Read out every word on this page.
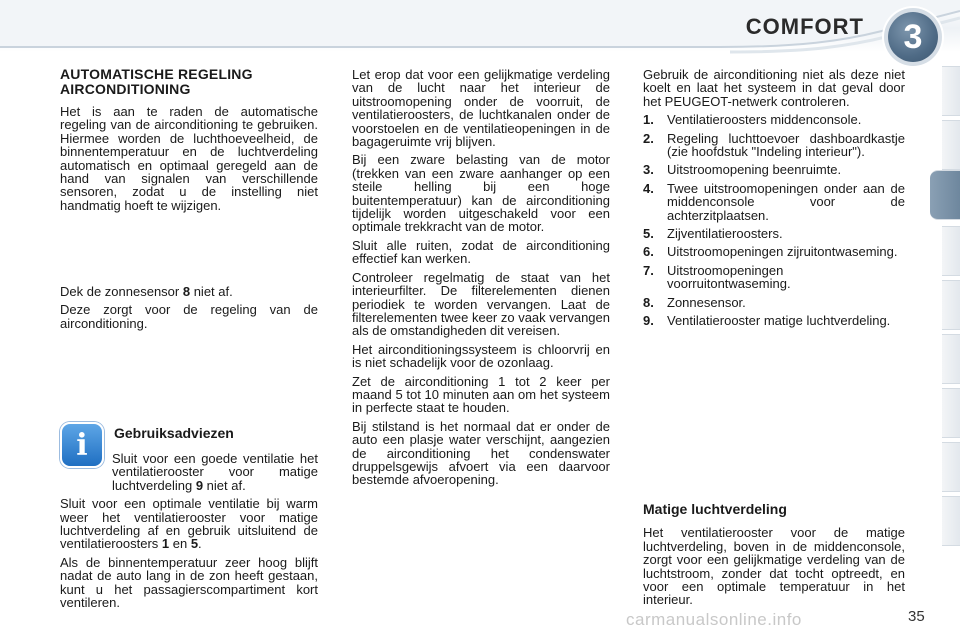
COMFORT	3
AUTOMATISCHE REGELING AIRCONDITIONING

Het is aan te raden de automatische regeling van de airconditioning te gebruiken. Hiermee worden de luchthoeveelheid, de binnentemperatuur en de luchtverdeling automatisch en optimaal geregeld aan de hand van signalen van verschillende sensoren, zodat u de instelling niet handmatig hoeft te wijzigen.

Dek de zonnesensor 8 niet af.

Deze zorgt voor de regeling van de airconditioning.

i	Gebruiksadviezen

Sluit voor een goede ventilatie het ventilatierooster voor matige luchtverdeling 9 niet af.

Sluit voor een optimale ventilatie bij warm weer het ventilatierooster voor matige luchtverdeling af en gebruik uitsluitend de ventilatieroosters 1 en 5.

Als de binnentemperatuur zeer hoog blijft nadat de auto lang in de zon heeft gestaan, kunt u het passagierscompartiment kort ventileren.

Let erop dat voor een gelijkmatige verdeling van de lucht naar het interieur de uitstroomopening onder de voorruit, de ventilatieroosters, de luchtkanalen onder de voorstoelen en de ventilatieopeningen in de bagageruimte vrij blijven.

Bij een zware belasting van de motor (trekken van een zware aanhanger op een steile helling bij een hoge buitentemperatuur) kan de airconditioning tijdelijk worden uitgeschakeld voor een optimale trekkracht van de motor.

Sluit alle ruiten, zodat de airconditioning effectief kan werken.

Controleer regelmatig de staat van het interieurfilter. De filterelementen dienen periodiek te worden vervangen. Laat de filterelementen twee keer zo vaak vervangen als de omstandigheden dit vereisen.

Het airconditioningssysteem is chloorvrij en is niet schadelijk voor de ozonlaag.

Zet de airconditioning 1 tot 2 keer per maand 5 tot 10 minuten aan om het systeem in perfecte staat te houden.

Bij stilstand is het normaal dat er onder de auto een plasje water verschijnt, aangezien de airconditioning het condenswater druppelsgewijs afvoert via een daarvoor bestemde afvoeropening.

Gebruik de airconditioning niet als deze niet koelt en laat het systeem in dat geval door het PEUGEOT-netwerk controleren.

1.	Ventilatieroosters middenconsole.
2.	Regeling luchttoevoer dashboardkastje (zie hoofdstuk "Indeling interieur").
3.	Uitstroomopening beenruimte.
4.	Twee uitstroomopeningen onder aan de middenconsole voor de achterzitplaatsen.
5.	Zijventilatieroosters.
6.	Uitstroomopeningen zijruitontwaseming.
7.	Uitstroomopeningen voorruitontwaseming.
8.	Zonnesensor.
9.	Ventilatierooster matige luchtverdeling.
Matige luchtverdeling

Het ventilatierooster voor de matige luchtverdeling, boven in de middenconsole, zorgt voor een gelijkmatige verdeling van de luchtstroom, zonder dat tocht optreedt, en voor een optimale temperatuur in het interieur.

carmanualsonline.info	35
